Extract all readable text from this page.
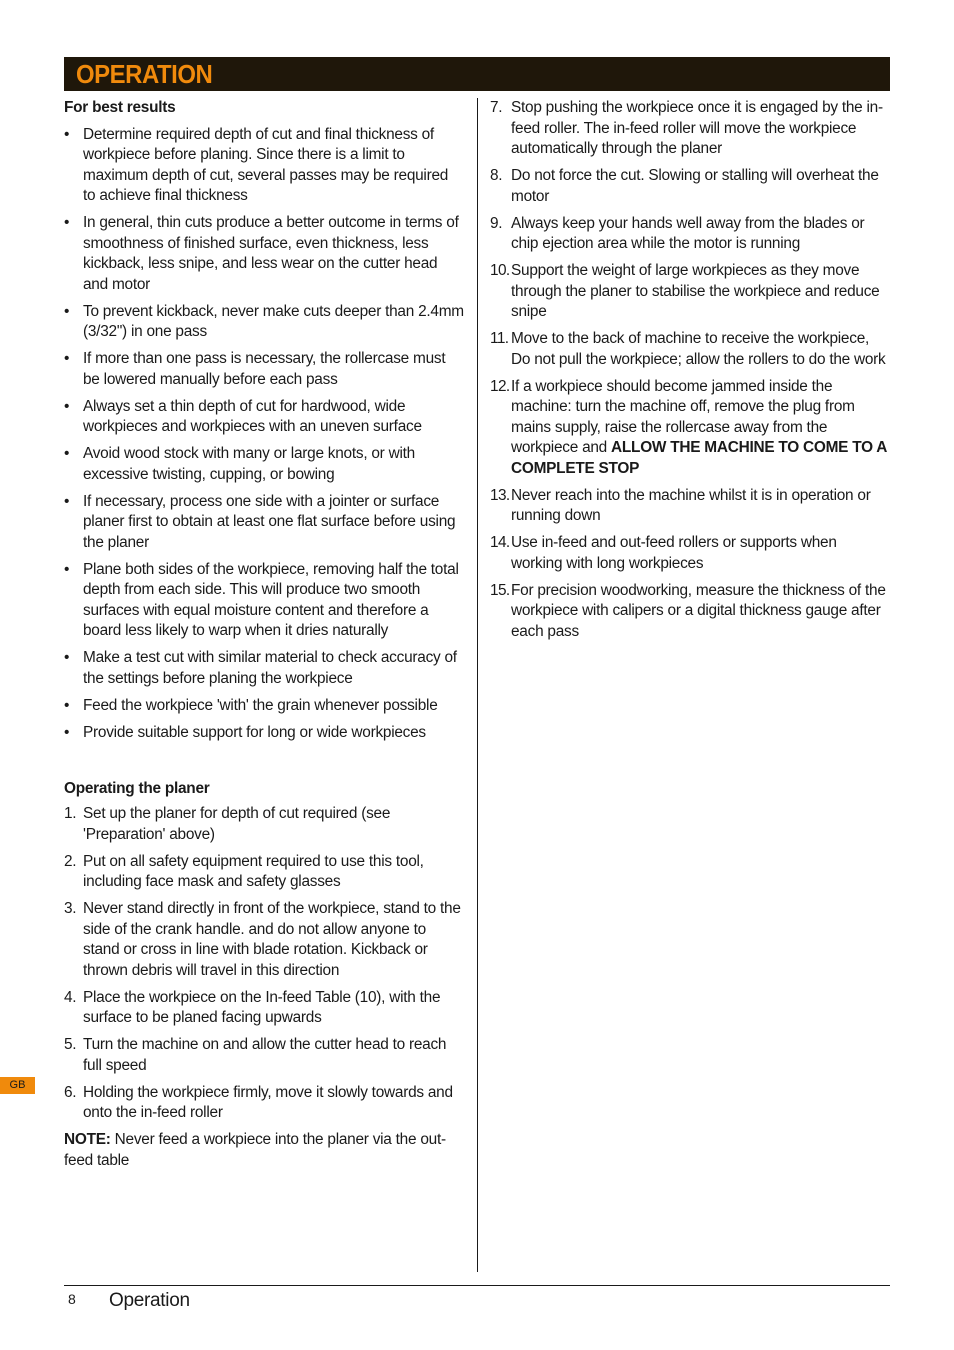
OPERATION
For best results
• Determine required depth of cut and final thickness of workpiece before planing. Since there is a limit to maximum depth of cut, several passes may be required to achieve final thickness
• In general, thin cuts produce a better outcome in terms of smoothness of finished surface, even thickness, less kickback, less snipe, and less wear on the cutter head and motor
• To prevent kickback, never make cuts deeper than 2.4mm (3/32") in one pass
• If more than one pass is necessary, the rollercase must be lowered manually before each pass
• Always set a thin depth of cut for hardwood, wide workpieces and workpieces with an uneven surface
• Avoid wood stock with many or large knots, or with excessive twisting, cupping, or bowing
• If necessary, process one side with a jointer or surface planer first to obtain at least one flat surface before using the planer
• Plane both sides of the workpiece, removing half the total depth from each side. This will produce two smooth surfaces with equal moisture content and therefore a board less likely to warp when it dries naturally
• Make a test cut with similar material to check accuracy of the settings before planing the workpiece
• Feed the workpiece 'with' the grain whenever possible
• Provide suitable support for long or wide workpieces
Operating the planer
1. Set up the planer for depth of cut required (see 'Preparation' above)
2. Put on all safety equipment required to use this tool, including face mask and safety glasses
3. Never stand directly in front of the workpiece, stand to the side of the crank handle. and do not allow anyone to stand or cross in line with blade rotation. Kickback or thrown debris will travel in this direction
4. Place the workpiece on the In-feed Table (10), with the surface to be planed facing upwards
5. Turn the machine on and allow the cutter head to reach full speed
6. Holding the workpiece firmly, move it slowly towards and onto the in-feed roller

NOTE: Never feed a workpiece into the planer via the out-feed table

7. Stop pushing the workpiece once it is engaged by the in-feed roller. The in-feed roller will move the workpiece automatically through the planer
8. Do not force the cut. Slowing or stalling will overheat the motor
9. Always keep your hands well away from the blades or chip ejection area while the motor is running
10. Support the weight of large workpieces as they move through the planer to stabilise the workpiece and reduce snipe
11. Move to the back of machine to receive the workpiece, Do not pull the workpiece; allow the rollers to do the work
12. If a workpiece should become jammed inside the machine: turn the machine off, remove the plug from mains supply, raise the rollercase away from the workpiece and ALLOW THE MACHINE TO COME TO A COMPLETE STOP
13. Never reach into the machine whilst it is in operation or running down
14. Use in-feed and out-feed rollers or supports when working with long workpieces
15. For precision woodworking, measure the thickness of the workpiece with calipers or a digital thickness gauge after each pass
GB
8 Operation
